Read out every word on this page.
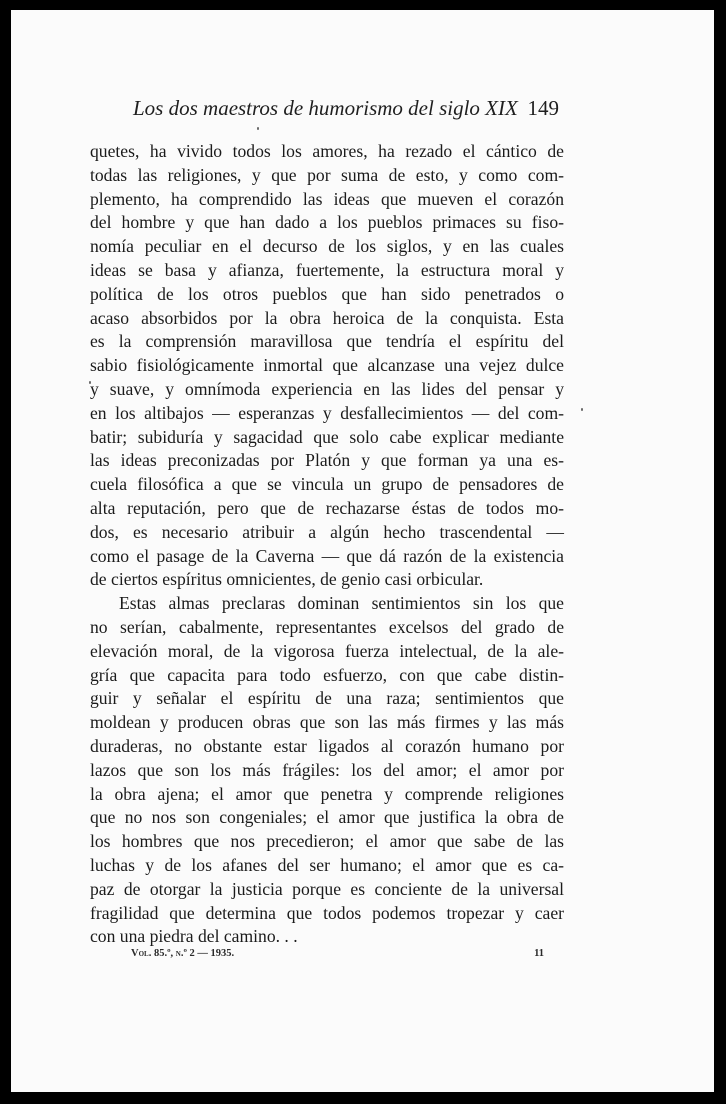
Los dos maestros de humorismo del siglo XIX 149
quetes, ha vivido todos los amores, ha rezado el cántico de
todas las religiones, y que por suma de esto, y como com-
plemento, ha comprendido las ideas que mueven el corazón
del hombre y que han dado a los pueblos primaces su fiso-
nomía peculiar en el decurso de los siglos, y en las cuales
ideas se basa y afianza, fuertemente, la estructura moral y
política de los otros pueblos que han sido penetrados o
acaso absorbidos por la obra heroica de la conquista. Esta
es la comprensión maravillosa que tendría el espíritu del
sabio fisiológicamente inmortal que alcanzase una vejez dulce
y suave, y omnímoda experiencia en las lides del pensar y
en los altibajos — esperanzas y desfallecimientos — del com-
batir; subiduría y sagacidad que solo cabe explicar mediante
las ideas preconizadas por Platón y que forman ya una es-
cuela filosófica a que se vincula un grupo de pensadores de
alta reputación, pero que de rechazarse éstas de todos mo-
dos, es necesario atribuir a algún hecho trascendental —
como el pasage de la Caverna — que dá razón de la existencia
de ciertos espíritus omnicientes, de genio casi orbicular.
Estas almas preclaras dominan sentimientos sin los que
no serían, cabalmente, representantes excelsos del grado de
elevación moral, de la vigorosa fuerza intelectual, de la ale-
gría que capacita para todo esfuerzo, con que cabe distin-
guir y señalar el espíritu de una raza; sentimientos que
moldean y producen obras que son las más firmes y las más
duraderas, no obstante estar ligados al corazón humano por
lazos que son los más frágiles: los del amor; el amor por
la obra ajena; el amor que penetra y comprende religiones
que no nos son congeniales; el amor que justifica la obra de
los hombres que nos precedieron; el amor que sabe de las
luchas y de los afanes del ser humano; el amor que es ca-
paz de otorgar la justicia porque es conciente de la universal
fragilidad que determina que todos podemos tropezar y caer
con una piedra del camino. . .
Vol. 85.º, n.º 2 — 1935.	11
